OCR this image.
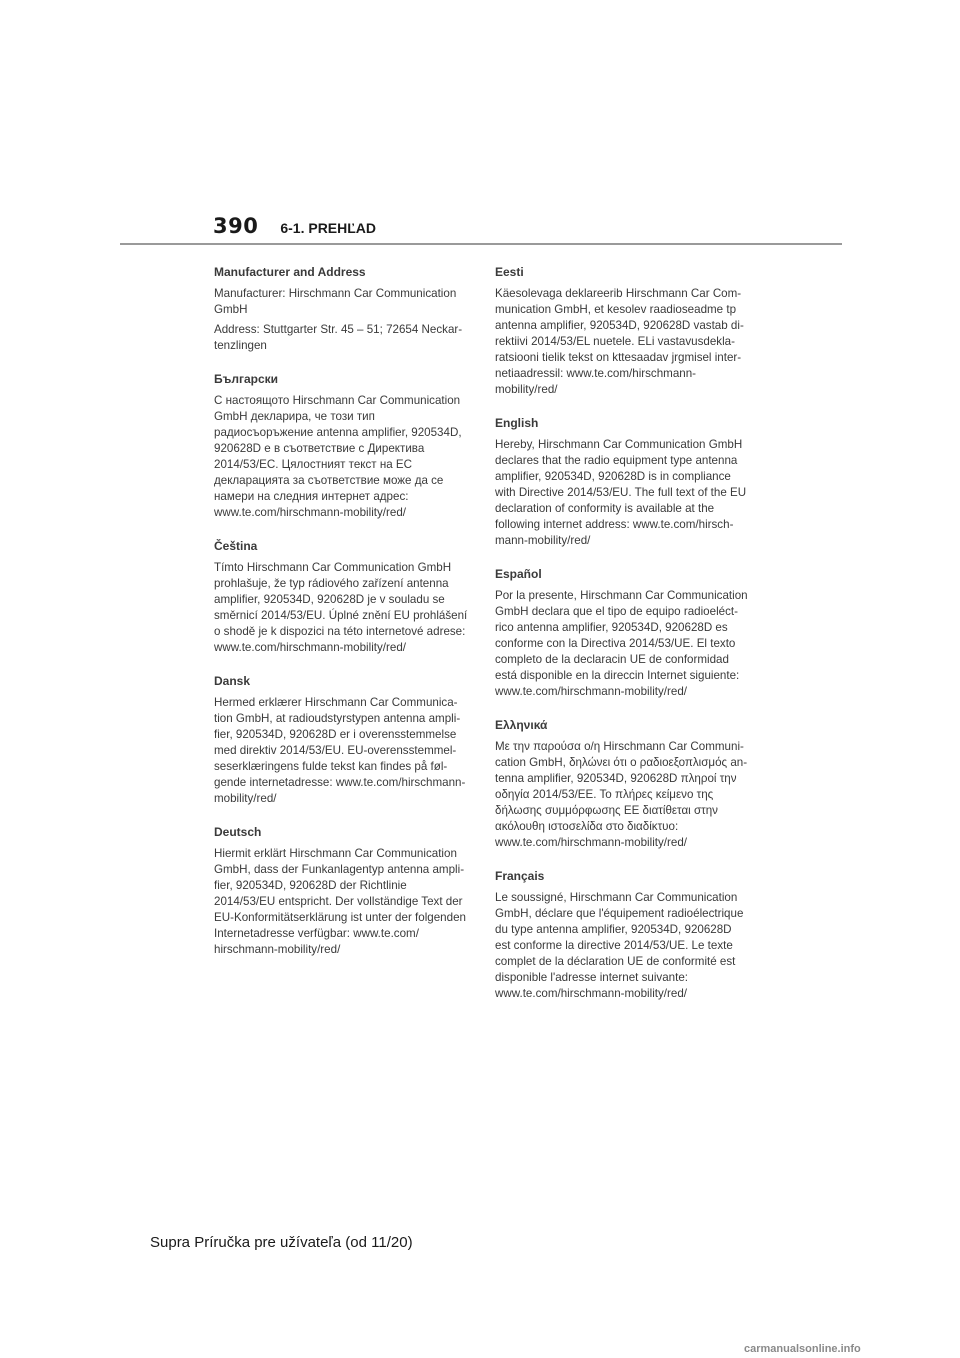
390 6-1. PREHĽAD

Manufacturer and Address

Manufacturer: Hirschmann Car Communication GmbH

Address: Stuttgarter Str. 45 – 51; 72654 Neckartenzlingen

Български

С настоящото Hirschmann Car Communication GmbH декларира, че този тип радиосъоръжение antenna amplifier, 920534D, 920628D е в съответствие с Директива 2014/53/ЕС. Цялостният текст на ЕС декларацията за съответствие може да се намери на следния интернет адрес: www.te.com/hirschmann-mobility/red/

Čeština

Tímto Hirschmann Car Communication GmbH prohlašuje, že typ rádiového zařízení antenna amplifier, 920534D, 920628D je v souladu se směrnicí 2014/53/EU. Úplné znění EU prohlášení o shodě je k dispozici na této internetové adrese: www.te.com/hirschmann-mobility/red/

Dansk

Hermed erklærer Hirschmann Car Communication GmbH, at radioudstyrstypen antenna amplifier, 920534D, 920628D er i overensstemmelse med direktiv 2014/53/EU. EU-overensstemmelseserklæringens fulde tekst kan findes på følgende internetadresse: www.te.com/hirschmann-mobility/red/

Deutsch

Hiermit erklärt Hirschmann Car Communication GmbH, dass der Funkanlagentyp antenna amplifier, 920534D, 920628D der Richtlinie 2014/53/EU entspricht. Der vollständige Text der EU-Konformitätserklärung ist unter der folgenden Internetadresse verfügbar: www.te.com/ hirschmann-mobility/red/

Eesti

Käesolevaga deklareerib Hirschmann Car Communication GmbH, et kesolev raadioseadme tp antenna amplifier, 920534D, 920628D vastab direktiivi 2014/53/EL nuetele. ELi vastavusdeklaratsiooni tielik tekst on kttesaadav jrgmisel internetiaadressil: www.te.com/hirschmann-mobility/red/

English

Hereby, Hirschmann Car Communication GmbH declares that the radio equipment type antenna amplifier, 920534D, 920628D is in compliance with Directive 2014/53/EU. The full text of the EU declaration of conformity is available at the following internet address: www.te.com/hirschmann-mobility/red/

Español

Por la presente, Hirschmann Car Communication GmbH declara que el tipo de equipo radioeléctrico antenna amplifier, 920534D, 920628D es conforme con la Directiva 2014/53/UE. El texto completo de la declaracin UE de conformidad está disponible en la direccin Internet siguiente: www.te.com/hirschmann-mobility/red/

Ελληνικά

Με την παρούσα ο/η Hirschmann Car Communication GmbH, δηλώνει ότι ο ραδιοεξοπλισμός antenna amplifier, 920534D, 920628D πληροί την οδηγία 2014/53/ΕΕ. Το πλήρες κείμενο της δήλωσης συμμόρφωσης ΕΕ διατίθεται στην ακόλουθη ιστοσελίδα στο διαδίκτυο: www.te.com/hirschmann-mobility/red/

Français

Le soussigné, Hirschmann Car Communication GmbH, déclare que l'équipement radioélectrique du type antenna amplifier, 920534D, 920628D est conforme la directive 2014/53/UE. Le texte complet de la déclaration UE de conformité est disponible l'adresse internet suivante: www.te.com/hirschmann-mobility/red/

Supra Príručka pre užívateľa (od 11/20)
carmanualsonline.info
